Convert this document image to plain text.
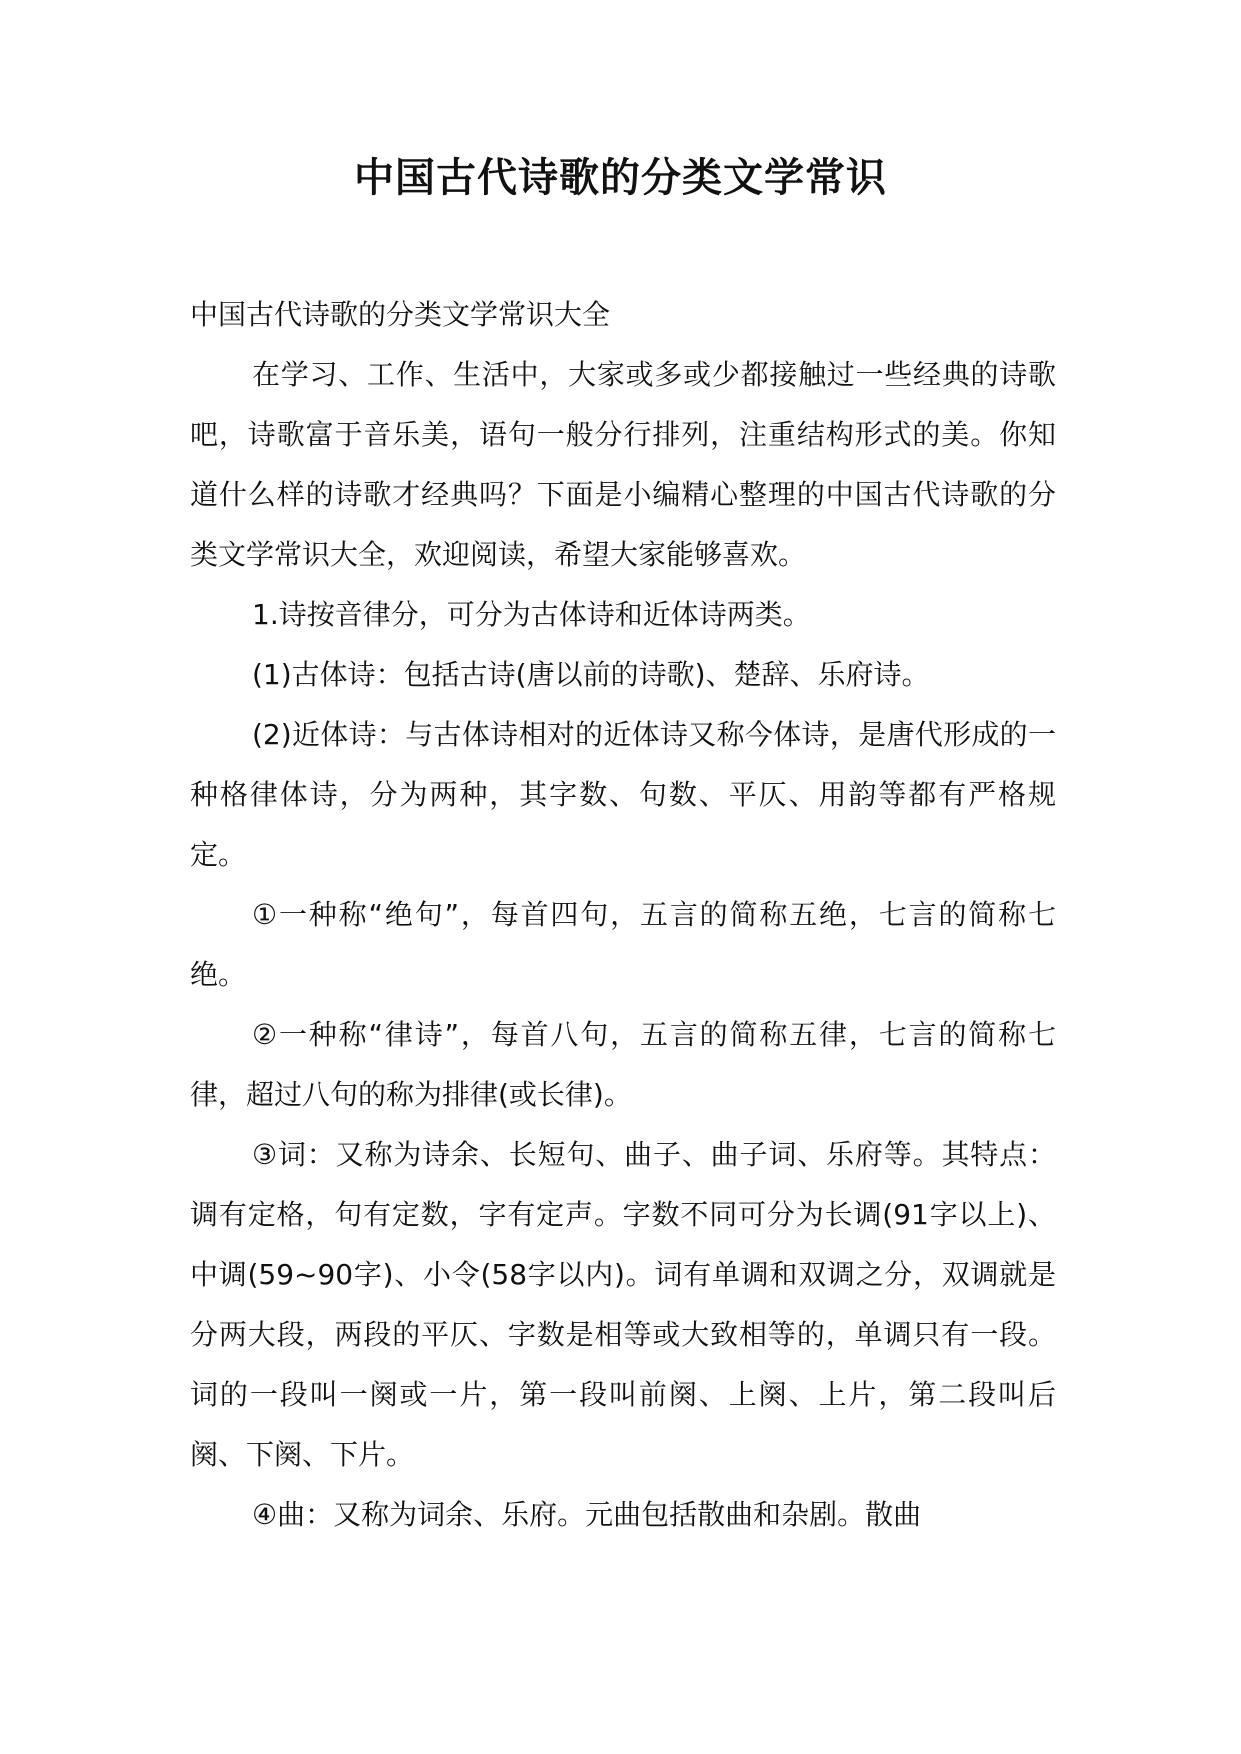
中国古代诗歌的分类文学常识

中国古代诗歌的分类文学常识大全

在学习、工作、生活中，大家或多或少都接触过一些经典的诗歌吧，诗歌富于音乐美，语句一般分行排列，注重结构形式的美。你知道什么样的诗歌才经典吗？下面是小编精心整理的中国古代诗歌的分类文学常识大全，欢迎阅读，希望大家能够喜欢。

1.诗按音律分，可分为古体诗和近体诗两类。

(1)古体诗：包括古诗(唐以前的诗歌)、楚辞、乐府诗。

(2)近体诗：与古体诗相对的近体诗又称今体诗，是唐代形成的一种格律体诗，分为两种，其字数、句数、平仄、用韵等都有严格规定。

①一种称“绝句”，每首四句，五言的简称五绝，七言的简称七绝。

②一种称“律诗”，每首八句，五言的简称五律，七言的简称七律，超过八句的称为排律(或长律)。

③词：又称为诗余、长短句、曲子、曲子词、乐府等。其特点：调有定格，句有定数，字有定声。字数不同可分为长调(91字以上)、中调(59~90字)、小令(58字以内)。词有单调和双调之分，双调就是分两大段，两段的平仄、字数是相等或大致相等的，单调只有一段。词的一段叫一阕或一片，第一段叫前阕、上阕、上片，第二段叫后阕、下阕、下片。

④曲：又称为词余、乐府。元曲包括散曲和杂剧。散曲
